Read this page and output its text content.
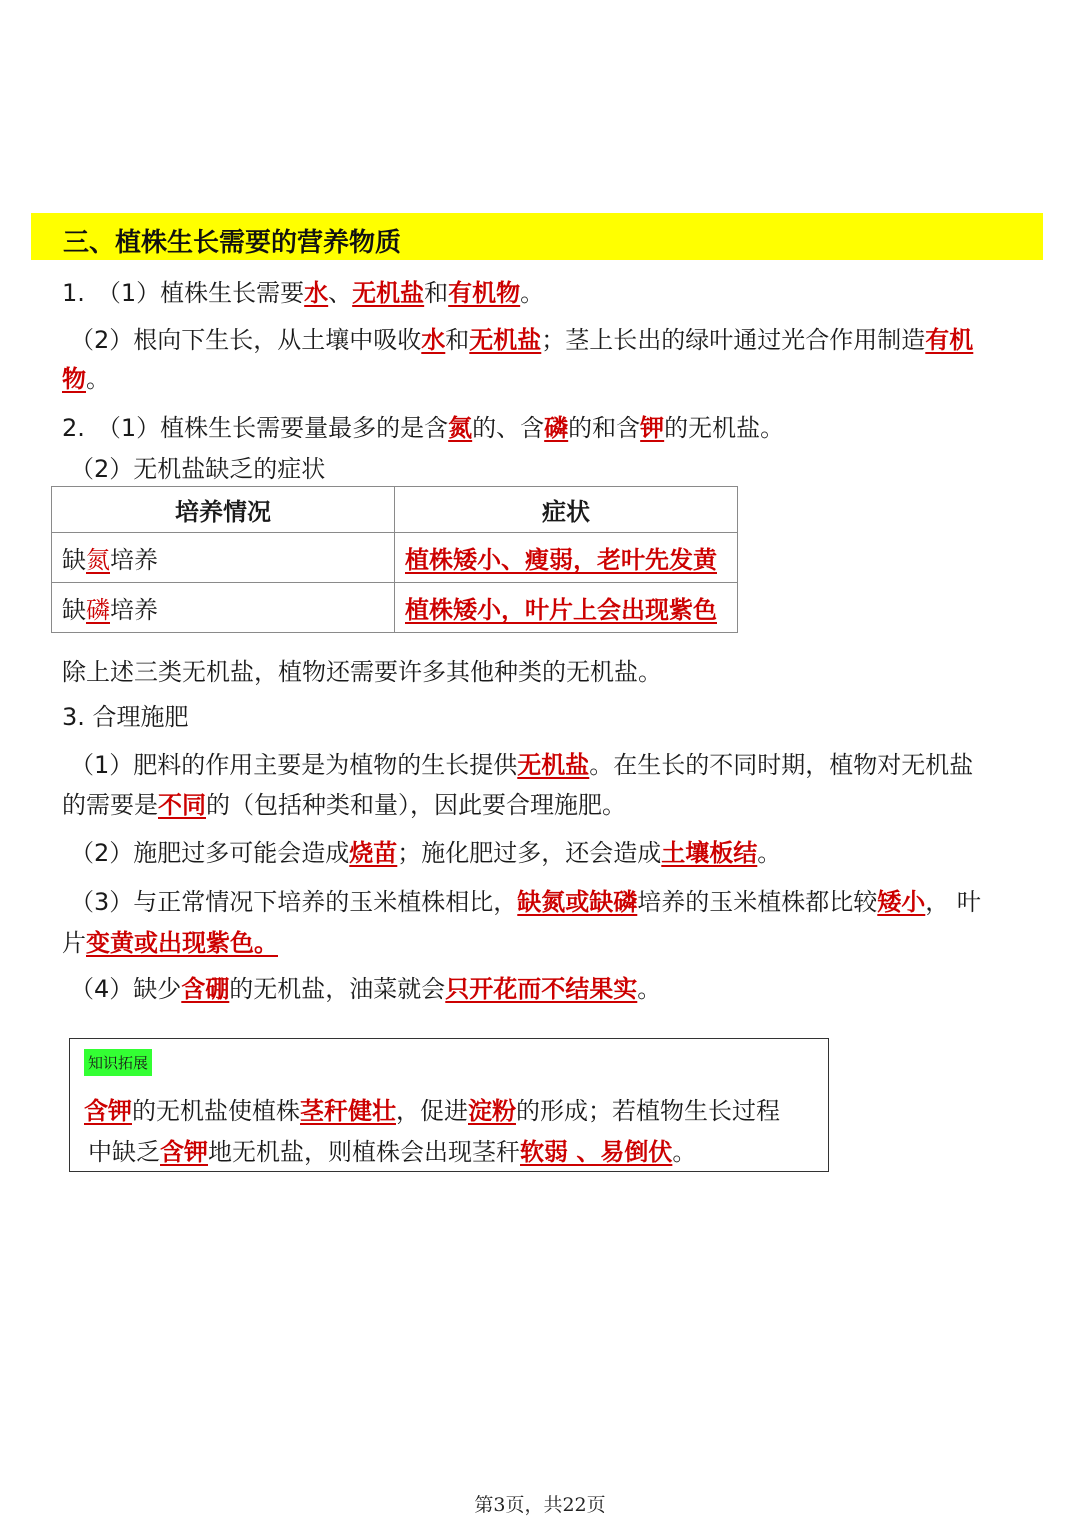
三、植株生长需要的营养物质
1.　（1）植株生长需要水、无机盐和有机物。
（2）根向下生长，从土壤中吸收水和无机盐；茎上长出的绿叶通过光合作用制造有机
物。
2.　（1）植株生长需要量最多的是含氮的、含磷的和含钾的无机盐。
（2）无机盐缺乏的症状
培养情况	症状
缺氮培养	植株矮小、瘦弱，老叶先发黄
缺磷培养	植株矮小，叶片上会出现紫色
除上述三类无机盐，植物还需要许多其他种类的无机盐。
3. 合理施肥
（1）肥料的作用主要是为植物的生长提供无机盐。在生长的不同时期，植物对无机盐
的需要是不同的（包括种类和量），因此要合理施肥。
（2）施肥过多可能会造成烧苗；施化肥过多，还会造成土壤板结。
（3）与正常情况下培养的玉米植株相比，缺氮或缺磷培养的玉米植株都比较矮小， 叶
片变黄或出现紫色。
（4）缺少含硼的无机盐，油菜就会只开花而不结果实。
知识拓展
含钾的无机盐使植株茎秆健壮，促进淀粉的形成；若植物生长过程
中缺乏含钾地无机盐，则植株会出现茎秆软弱 、易倒伏。
第3页，共22页
